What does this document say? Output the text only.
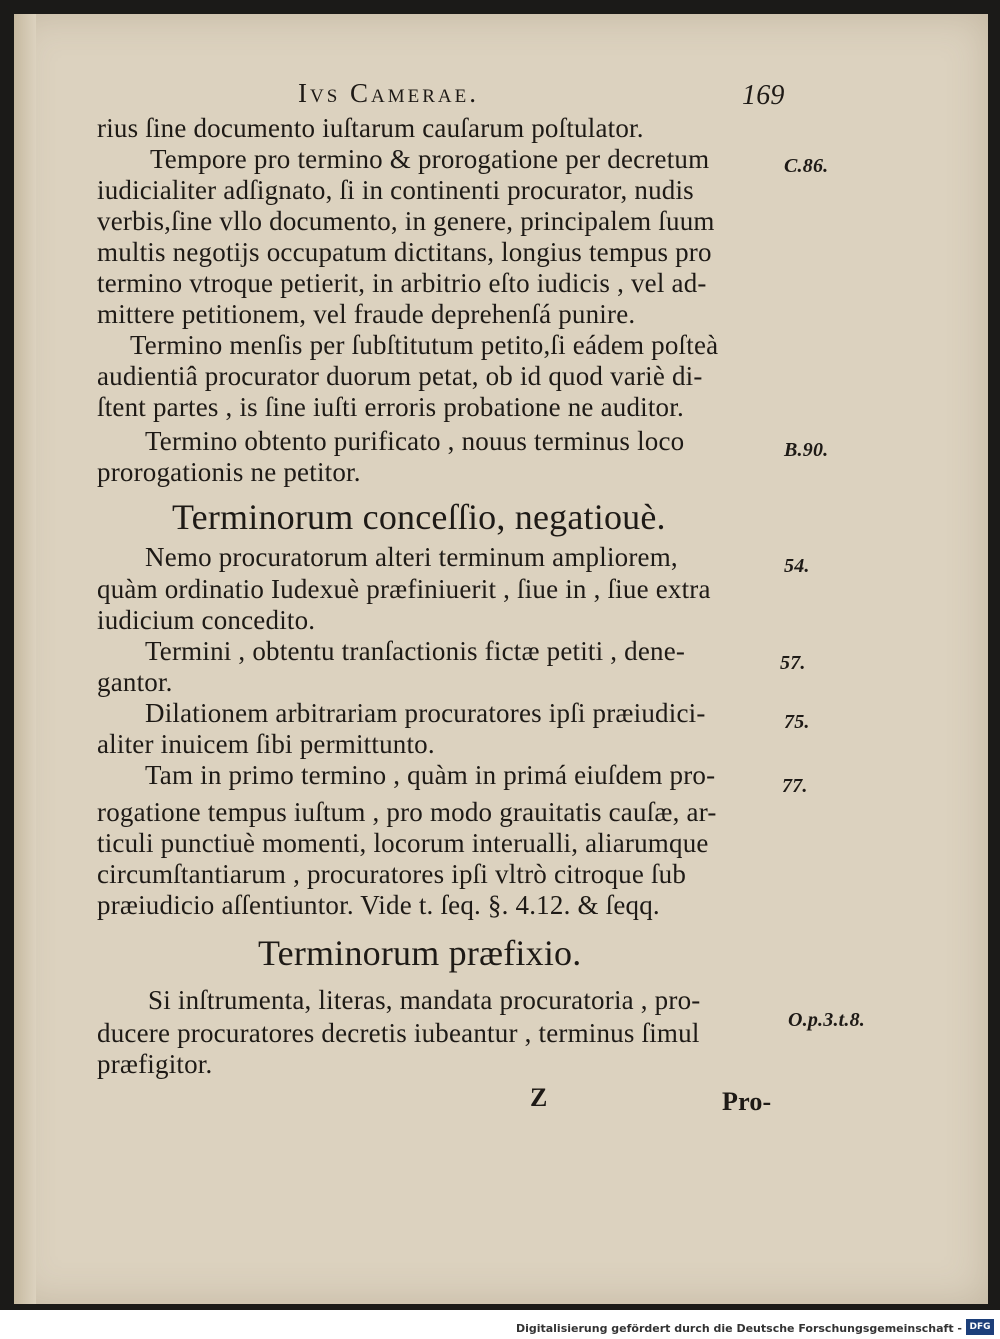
Ivs Camerae.	169
rius ſine documento iuſtarum cauſarum poſtulator.
Tempore pro termino & prorogatione per decretum
iudicialiter adſignato, ſi in continenti procurator, nudis
verbis,ſine vllo documento, in genere, principalem ſuum
multis negotijs occupatum dictitans, longius tempus pro
termino vtroque petierit, in arbitrio eſto iudicis , vel ad-
mittere petitionem, vel fraude deprehenſá punire.
Termino menſis per ſubſtitutum petito,ſi eádem poſteà
audientiâ procurator duorum petat, ob id quod variè di-
ſtent partes , is ſine iuſti erroris probatione ne auditor.
Termino obtento purificato , nouus terminus loco
prorogationis ne petitor.
Terminorum conceſſio, negatiouè.
Nemo procuratorum alteri terminum ampliorem,
quàm ordinatio Iudexuè præfiniuerit , ſiue in , ſiue extra
iudicium concedito.
Termini , obtentu tranſactionis fictæ petiti , dene-
gantor.
Dilationem arbitrariam procuratores ipſi præiudici-
aliter inuicem ſibi permittunto.
Tam in primo termino , quàm in primá eiuſdem pro-
rogatione tempus iuſtum , pro modo grauitatis cauſæ, ar-
ticuli punctiuè momenti, locorum interualli, aliarumque
circumſtantiarum , procuratores ipſi vltrò citroque ſub
præiudicio aſſentiuntor. Vide t. ſeq. §. 4.12. & ſeqq.
Terminorum præfixio.
Si inſtrumenta, literas, mandata procuratoria , pro-
ducere procuratores decretis iubeantur , terminus ſimul
præfigitor.
Z	Pro-
C.86.
B.90.
54.
57.
75.
77.
O.p.3.t.8.
Digitalisierung gefördert durch die Deutsche Forschungsgemeinschaft - DFG
